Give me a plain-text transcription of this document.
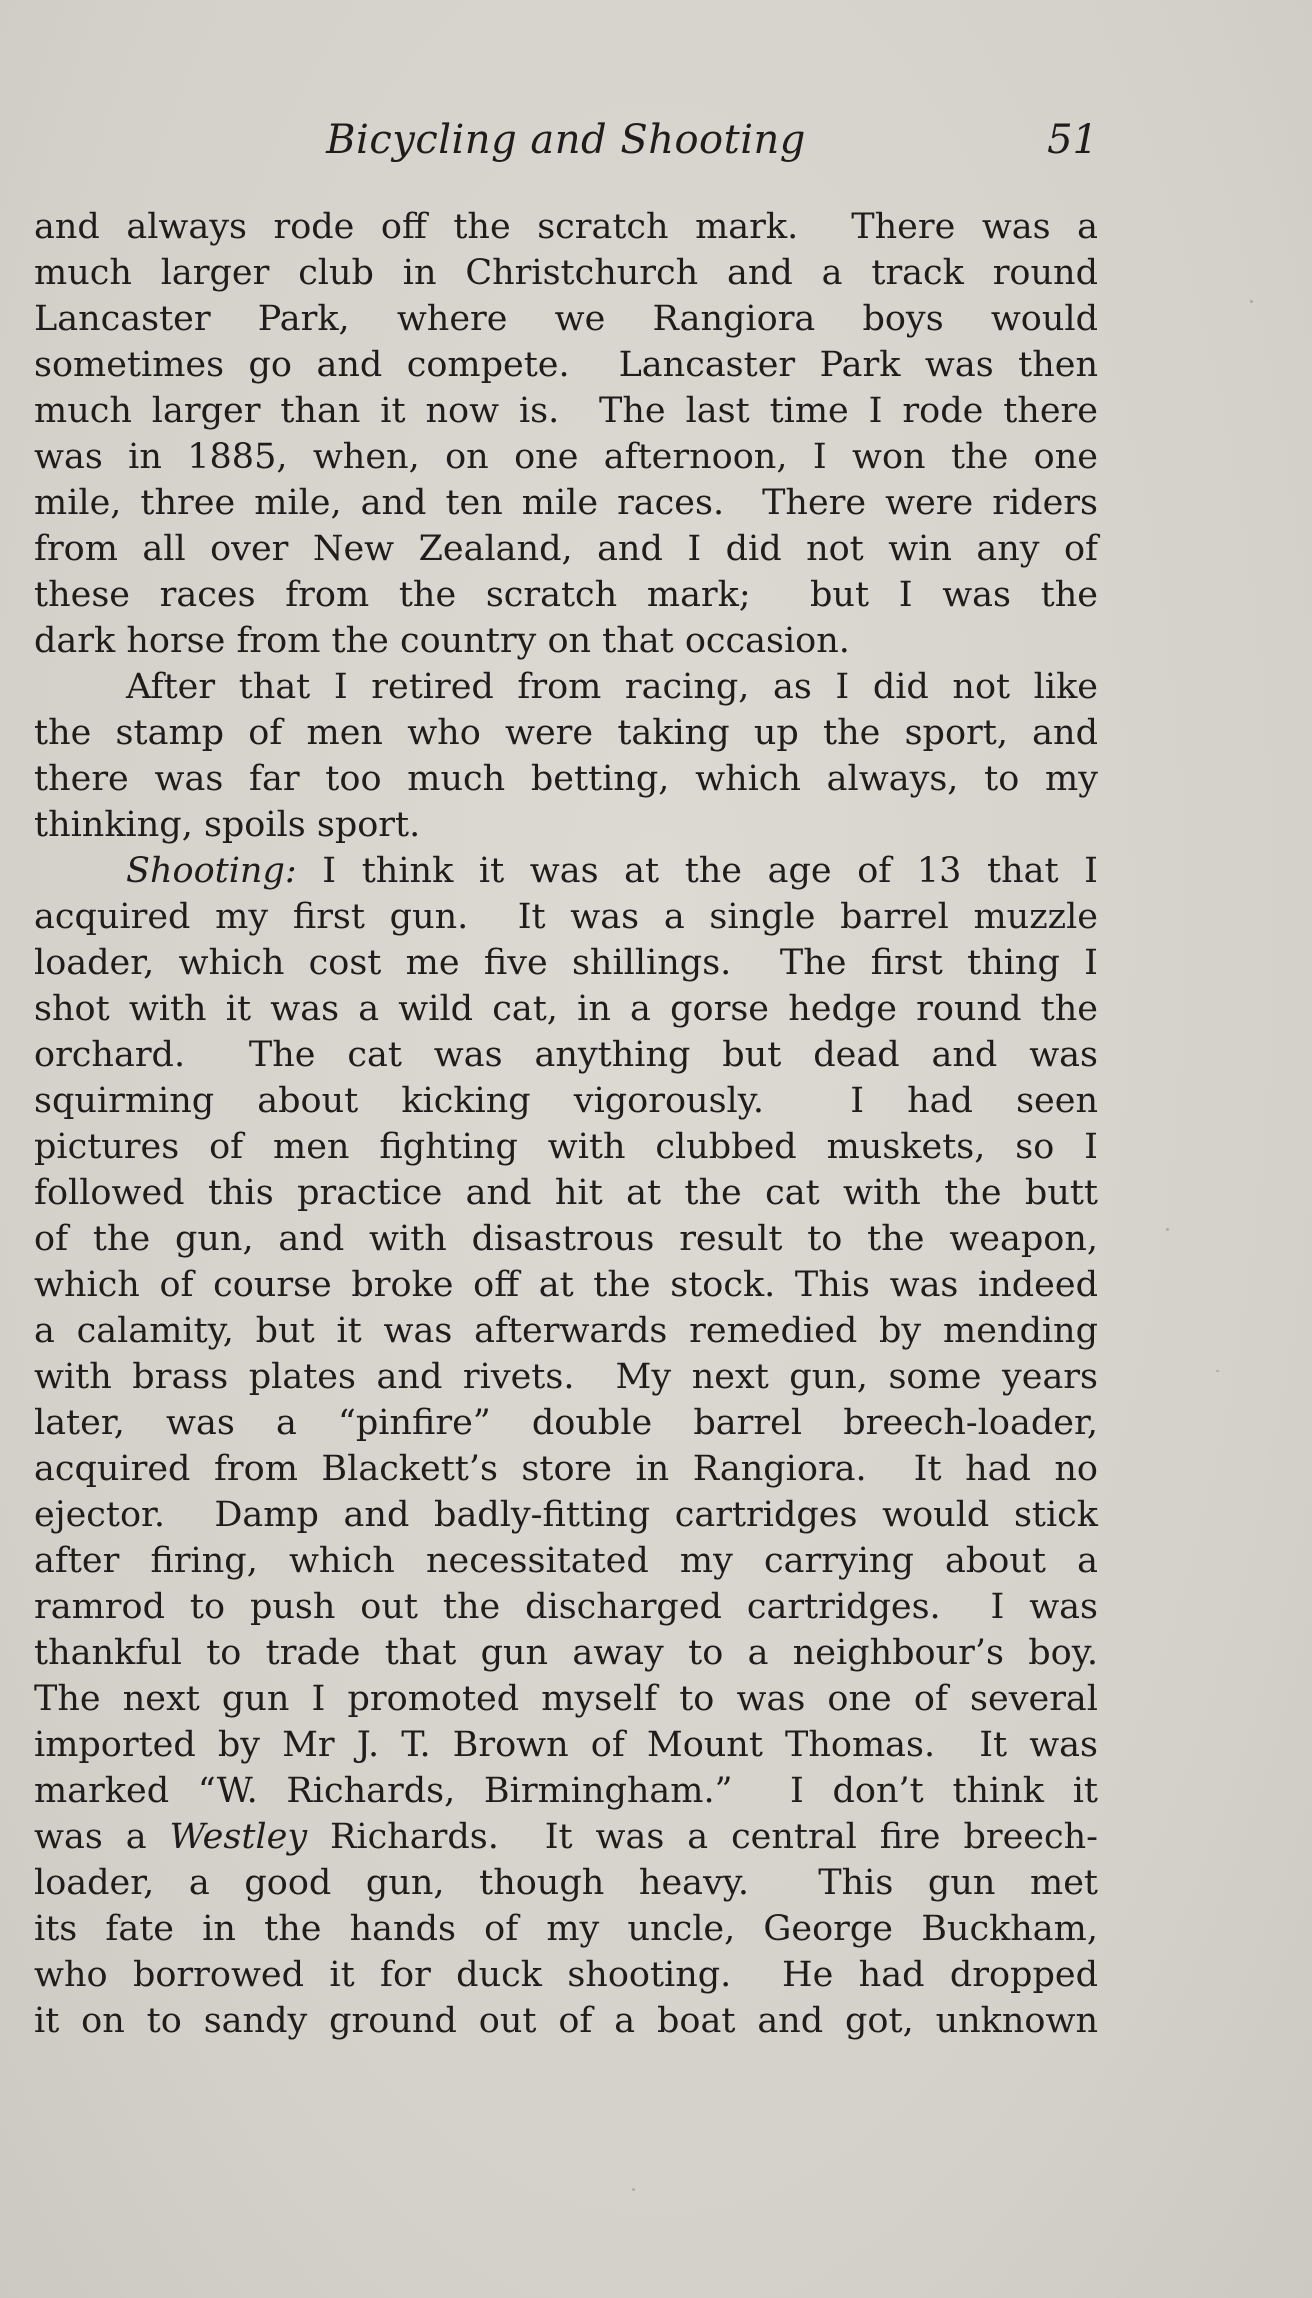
Bicycling and Shooting	51
and always rode off the scratch mark.  There was a
much larger club in Christchurch and a track round
Lancaster Park, where we Rangiora boys would
sometimes go and compete.  Lancaster Park was then
much larger than it now is.  The last time I rode there
was in 1885, when, on one afternoon, I won the one
mile, three mile, and ten mile races.  There were riders
from all over New Zealand, and I did not win any of
these races from the scratch mark;  but I was the
dark horse from the country on that occasion.
After that I retired from racing, as I did not like
the stamp of men who were taking up the sport, and
there was far too much betting, which always, to my
thinking, spoils sport.
Shooting: I think it was at the age of 13 that I
acquired my first gun.  It was a single barrel muzzle
loader, which cost me five shillings.  The first thing I
shot with it was a wild cat, in a gorse hedge round the
orchard.  The cat was anything but dead and was
squirming about kicking vigorously.  I had seen
pictures of men fighting with clubbed muskets, so I
followed this practice and hit at the cat with the butt
of the gun, and with disastrous result to the weapon,
which of course broke off at the stock. This was indeed
a calamity, but it was afterwards remedied by mending
with brass plates and rivets.  My next gun, some years
later, was a “pinfire” double barrel breech-loader,
acquired from Blackett’s store in Rangiora.  It had no
ejector.  Damp and badly-fitting cartridges would stick
after firing, which necessitated my carrying about a
ramrod to push out the discharged cartridges.  I was
thankful to trade that gun away to a neighbour’s boy.
The next gun I promoted myself to was one of several
imported by Mr J. T. Brown of Mount Thomas.  It was
marked “W. Richards, Birmingham.”  I don’t think it
was a Westley Richards.  It was a central fire breech-
loader, a good gun, though heavy.  This gun met
its fate in the hands of my uncle, George Buckham,
who borrowed it for duck shooting.  He had dropped
it on to sandy ground out of a boat and got, unknown
